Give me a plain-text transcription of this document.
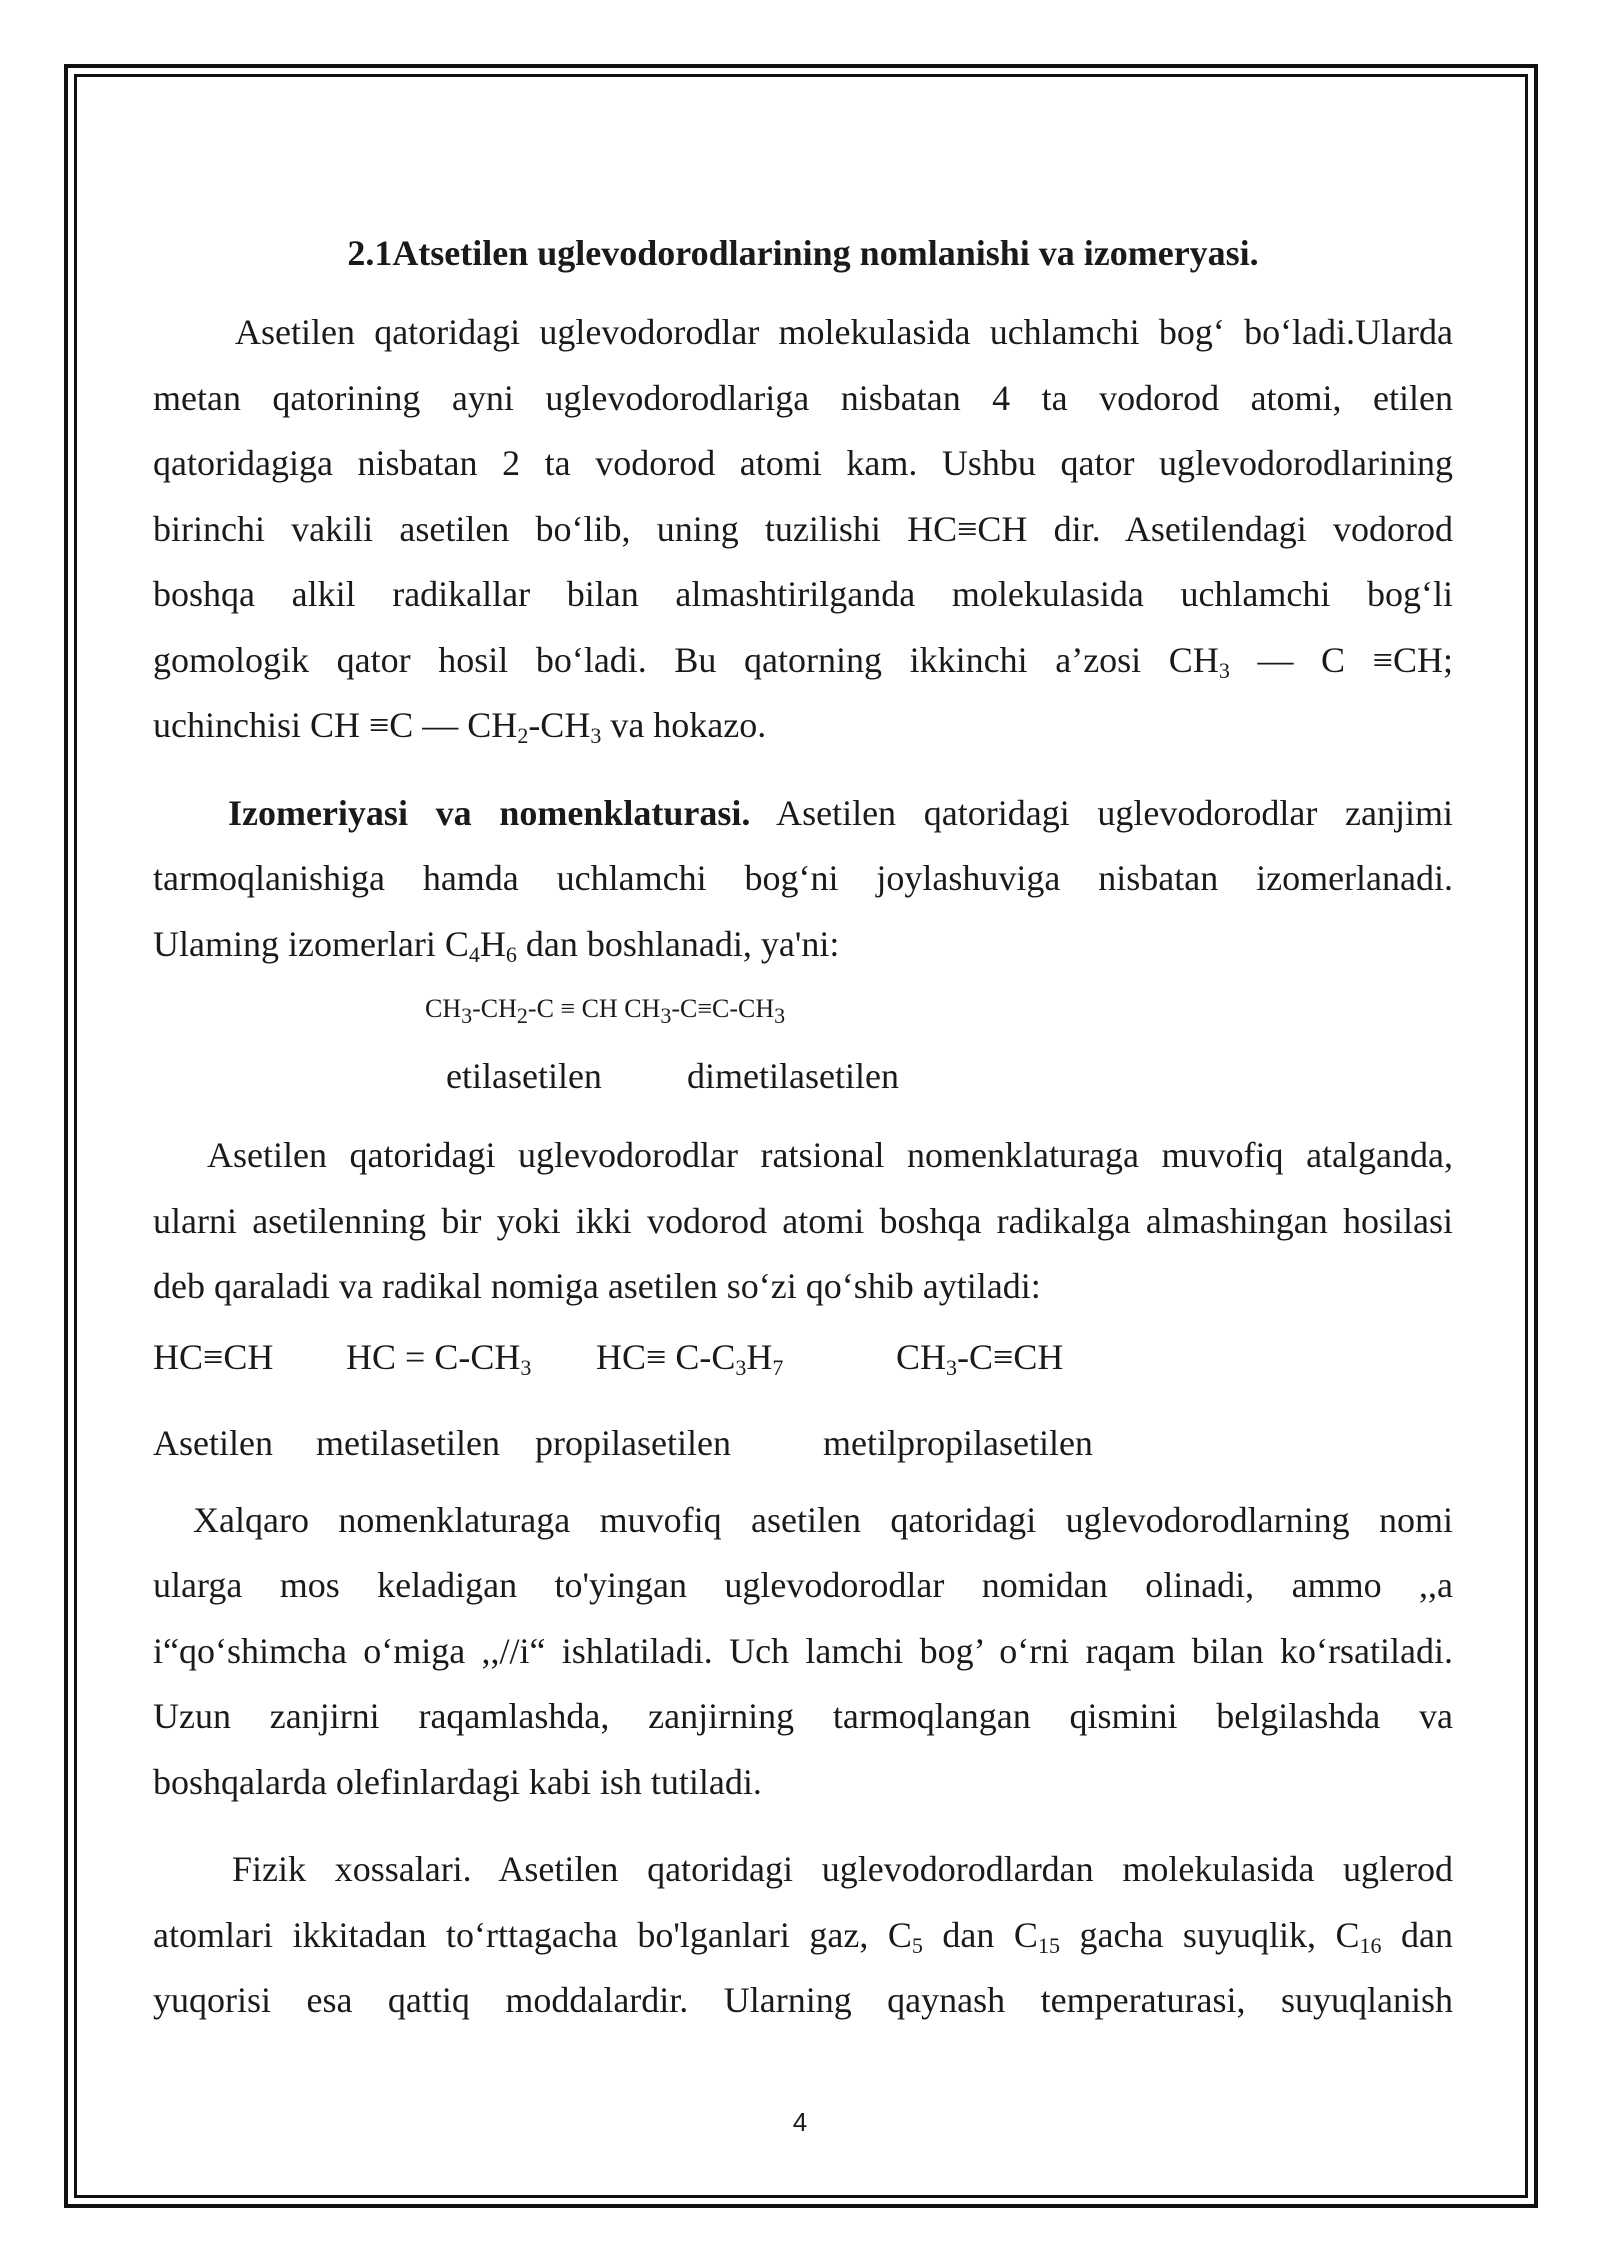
2.1Atsetilen uglevodorodlarining nomlanishi va izomeryasi.

Asetilen qatoridagi uglevodorodlar molekulasida uchlamchi bog‘ bo‘ladi.Ularda

metan qatorining ayni uglevodorodlariga nisbatan 4 ta vodorod atomi, etilen

qatoridagiga nisbatan 2 ta vodorod atomi kam. Ushbu qator uglevodorodlarining

birinchi vakili asetilen bo‘lib, uning tuzilishi HC≡CH dir. Asetilendagi vodorod

boshqa alkil radikallar bilan almashtirilganda molekulasida uchlamchi bog‘li

gomologik qator hosil bo‘ladi. Bu qatorning ikkinchi a’zosi $CH_3$ — C ≡CH;

uchinchisi CH ≡C — $CH_2-CH_3$ va hokazo.

Izomeriyasi va nomenklaturasi. Asetilen qatoridagi uglevodorodlar zanjimi

tarmoqlanishiga hamda uchlamchi bog‘ni joylashuviga nisbatan izomerlanadi.

Ulaming izomerlari $C_4H_6$ dan boshlanadi, ya'ni:

$CH_3-CH_2-C$ ≡ CH $CH_3-C\equiv C-CH_3$

etilasetilen dimetilasetilen

Asetilen qatoridagi uglevodorodlar ratsional nomenklaturaga muvofiq atalganda,

ularni asetilenning bir yoki ikki vodorod atomi boshqa radikalga almashingan hosilasi

deb qaraladi va radikal nomiga asetilen so‘zi qo‘shib aytiladi:

HC≡CH HC = $C-CH_3$ $HC\equiv C-C_3H_7$	$CH_3-C\equiv CH$
Asetilen metilasetilen propilasetilen	metilpropilasetilen

Xalqaro nomenklaturaga muvofiq asetilen qatoridagi uglevodorodlarning nomi

ularga mos keladigan to'yingan uglevodorodlar nomidan olinadi, ammo ,,a

i“qo‘shimcha o‘miga ,,//i“ ishlatiladi. Uch lamchi bog’ o‘rni raqam bilan ko‘rsatiladi.

Uzun zanjirni raqamlashda, zanjirning tarmoqlangan qismini belgilashda va

boshqalarda olefinlardagi kabi ish tutiladi.

Fizik xossalari. Asetilen qatoridagi uglevodorodlardan molekulasida uglerod

atomlari ikkitadan to‘rttagacha bo'lganlari gaz, $C_5$ dan $C_{15}$ gacha suyuqlik, $C_{16}$ dan

yuqorisi esa qattiq moddalardir. Ularning qaynash temperaturasi, suyuqlanish

4
